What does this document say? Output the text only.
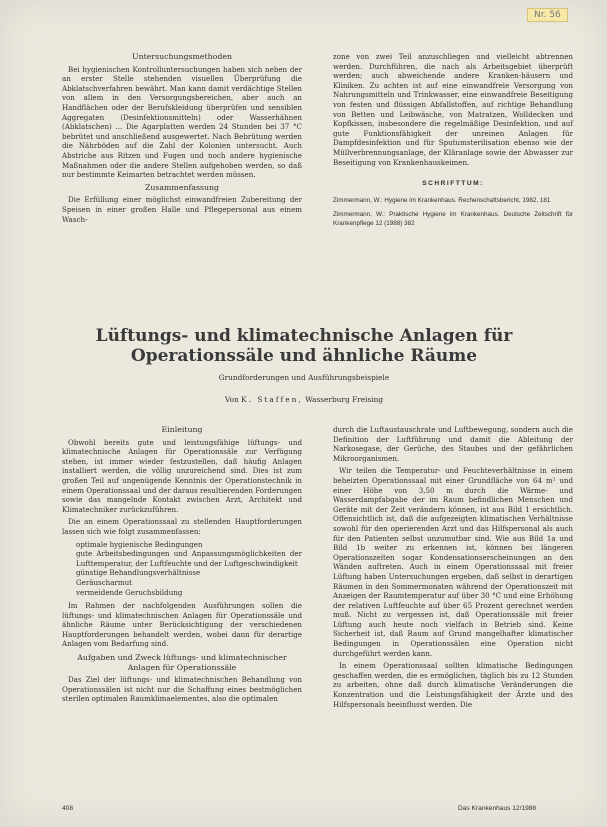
Nr. 56

Untersuchungsmethoden

Bei hygienischen Kontrolluntersuchungen haben sich neben der an erster Stelle stehenden visuellen Überprüfung die Abklatschverfahren bewährt. Man kann damit verdächtige Stellen von allem in den Versorgungsbereichen, aber auch an Handflächen oder der Berufskleidung überprüfen und sensiblen Aggregaten (Desinfektionsmitteln) oder Wasserhähnen (Abklatschen) ... Die Agarplatten werden 24 Stunden bei 37 °C bebrütet und anschließend ausgewertet. Nach Bebrütung werden die Nährböden auf die Zahl der Kolonien untersucht. Auch Abstriche aus Ritzen und Fugen und noch andere hygienische Maßnahmen oder die andere Stellen aufgehoben werden, so daß nur bestimmte Keimarten betrachtet werden müssen.

Zusammenfassung

Die Erfüllung einer möglichst einwandfreien Zubereitung der Speisen in einer großen Halle und Pflegepersonal aus einem Wasch-

zone von zwei Teil anzuschliegen und vielleicht abtrennen werden. Durchführen, die nach als Arbeitsgebiet überprüft werden; auch abweichende andere Kranken-häusern und Kliniken. Zu achten ist auf eine einwandfreie Versorgung von Nahrungsmitteln und Trinkwasser, eine einwandfreie Beseitigung von festen und flüssigen Abfallstoffen, auf richtige Behandlung von Betten und Leibwäsche, von Matratzen, Wolldecken und Kopfkissen, insbesondere die regelmäßige Desinfektion, und auf gute Funktionsfähigkeit der unreinen Anlagen für Dampfdesinfektion und für Sputumsterilisation ebenso wie der Müllverbrennungsanlage, der Kläranlage sowie der Abwasser zur Beseitigung von Krankenhauskeimen.

SCHRIFTTUM:

Zimmermann, W.: Hygiene im Krankenhaus. Rechenschaftsbericht, 1982, 181
Zimmermann, W.: Praktische Hygiene im Krankenhaus. Deutsche Zeitschrift für Krankenpflege 12 (1988) 382
Lüftungs- und klimatechnische Anlagen für Operationssäle und ähnliche Räume

Grundforderungen und Ausführungsbeispiele

Von K. Staffen, Wasserburg Freising

Einleitung

Obwohl bereits gute und leistungsfähige lüftungs- und klimatechnische Anlagen für Operationssäle zur Verfügung stehen, ist immer wieder festzustellen, daß häufig Anlagen installiert werden, die völlig unzureichend sind. Dies ist zum großen Teil auf ungenügende Kenntnis der Operationstechnik in einem Operationssaal und der daraus resultierenden Forderungen sowie das mangelnde Kontakt zwischen Arzt, Architekt und Klimatechniker zurückzuführen.

Die an einem Operationssaal zu stellenden Hauptforderungen lassen sich wie folgt zusammenfassen:

optimale hygienische Bedingungen
gute Arbeitsbedingungen und Anpassungsmöglichkeiten der Lufttemperatur, der Luftfeuchte und der Luftgeschwindigkeit
günstige Behandlungsverhältnisse
Geräuscharmut
vermeidende Geruchsbildung

Im Rahmen der nachfolgenden Ausführungen sollen die lüftungs- und klimatechnischen Anlagen für Operationssäle und ähnliche Räume unter Berücksichtigung der verschiedenen Hauptforderungen behandelt werden, wobei dann für derartige Anlagen vom Bedarfung sind.

Aufgaben und Zweck lüftungs- und klimatechnischer Anlagen für Operationssäle

Das Ziel der lüftungs- und klimatechnischen Behandlung von Operationssälen ist nicht nur die Schaffung eines bestmöglichen sterilen optimalen Raumklimaelementes, also die optimalen

durch die Luftaustauschrate und Luftbewegung, sondern auch die Definition der Luftführung und damit die Ableitung der Narkosegase, der Gerüche, des Staubes und der gefährlichen Mikroorganismen.

Wir teilen die Temperatur- und Feuchteverhältnisse in einem beheizten Operationssaal mit einer Grundfläche von 64 m² und einer Höhe von 3,50 m durch die Wärme- und Wasserdampfabgabe der im Raum befindlichen Menschen und Geräte mit der Zeit verändern können, ist aus Bild 1 ersichtlich. Offensichtlich ist, daß die aufgezeigten klimatischen Verhältnisse sowohl für den operierenden Arzt und das Hilfspersonal als auch für den Patienten selbst unzumutbar sind. Wie aus Bild 1a und Bild 1b weiter zu erkennen ist, können bei längeren Operationszeiten sogar Kondensationserscheinungen an den Wänden auftreten. Auch in einem Operationssaal mit freier Lüftung haben Untersuchungen ergeben, daß selbst in derartigen Räumen in den Sommermonaten während der Operationszeit mit Anzeigen der Raumtemperatur auf über 30 °C und eine Erhöhung der relativen Luftfeuchte auf über 65 Prozent gerechnet werden muß. Nicht zu vergessen ist, daß Operationssäle mit freier Lüftung auch heute noch vielfach in Betrieb sind. Keine Sicherheit ist, daß Raum auf Grund mangelhafter klimatischer Bedingungen in Operationssälen eine Operation nicht durchgeführt werden kann.

In einem Operationssaal sollten klimatische Bedingungen geschaffen werden, die es ermöglichen, täglich bis zu 12 Stunden zu arbeiten, ohne daß durch klimatische Veränderungen die Konzentration und die Leistungsfähigkeit der Ärzte und des Hilfspersonals beeinflusst werden. Die

408	Das Krankenhaus 12/1988
